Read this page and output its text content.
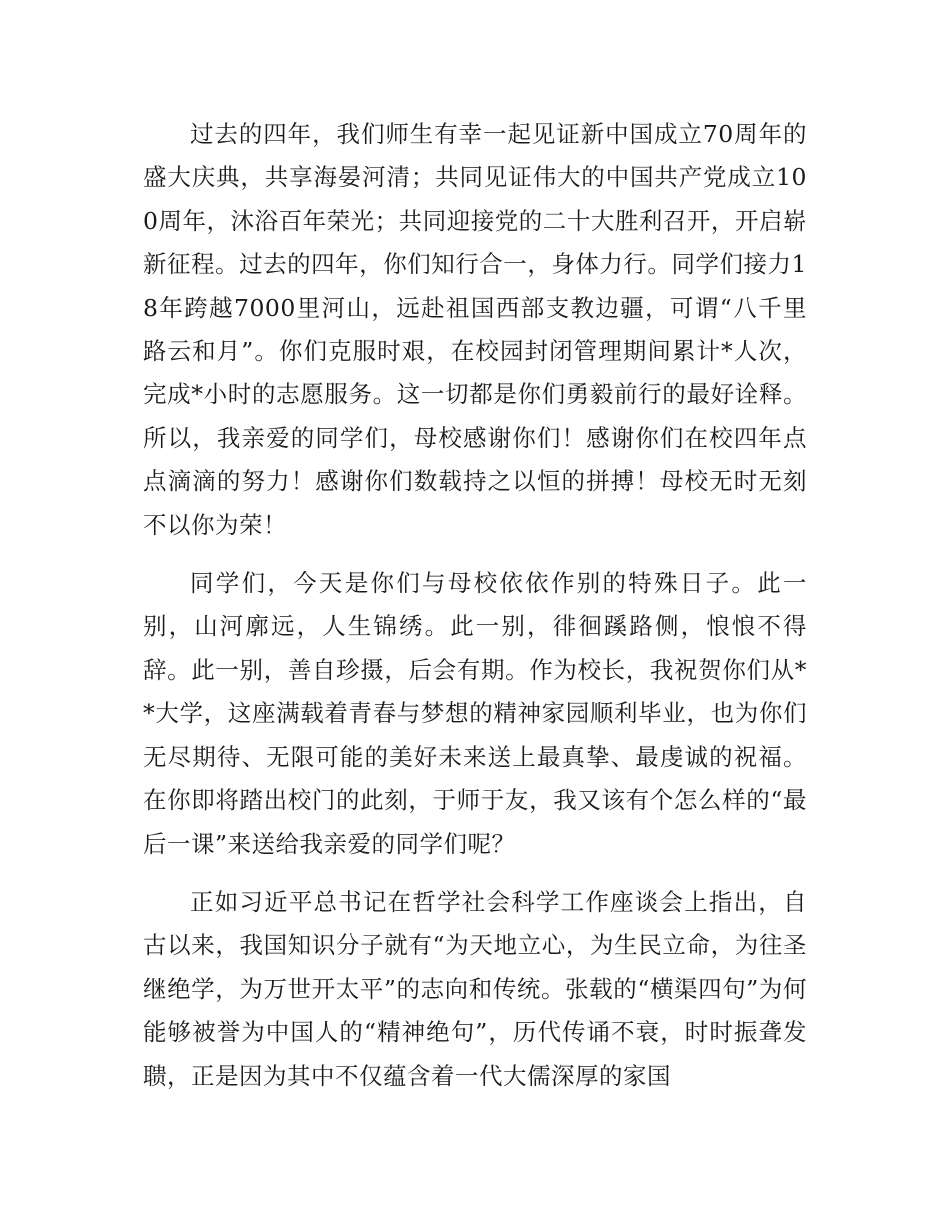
过去的四年，我们师生有幸一起见证新中国成立70周年的盛大庆典，共享海晏河清；共同见证伟大的中国共产党成立100周年，沐浴百年荣光；共同迎接党的二十大胜利召开，开启崭新征程。过去的四年，你们知行合一，身体力行。同学们接力18年跨越7000里河山，远赴祖国西部支教边疆，可谓“八千里路云和月”。你们克服时艰，在校园封闭管理期间累计*人次，完成*小时的志愿服务。这一切都是你们勇毅前行的最好诠释。所以，我亲爱的同学们，母校感谢你们！感谢你们在校四年点点滴滴的努力！感谢你们数载持之以恒的拼搏！母校无时无刻不以你为荣！

同学们，今天是你们与母校依依作别的特殊日子。此一别，山河廓远，人生锦绣。此一别，徘徊蹊路侧，悢悢不得辞。此一别，善自珍摄，后会有期。作为校长，我祝贺你们从**大学，这座满载着青春与梦想的精神家园顺利毕业，也为你们无尽期待、无限可能的美好未来送上最真挚、最虔诚的祝福。在你即将踏出校门的此刻，于师于友，我又该有个怎么样的“最后一课”来送给我亲爱的同学们呢？

正如习近平总书记在哲学社会科学工作座谈会上指出，自古以来，我国知识分子就有“为天地立心，为生民立命，为往圣继绝学，为万世开太平”的志向和传统。张载的“横渠四句”为何能够被誉为中国人的“精神绝句”，历代传诵不衰，时时振聋发聩，正是因为其中不仅蕴含着一代大儒深厚的家国
